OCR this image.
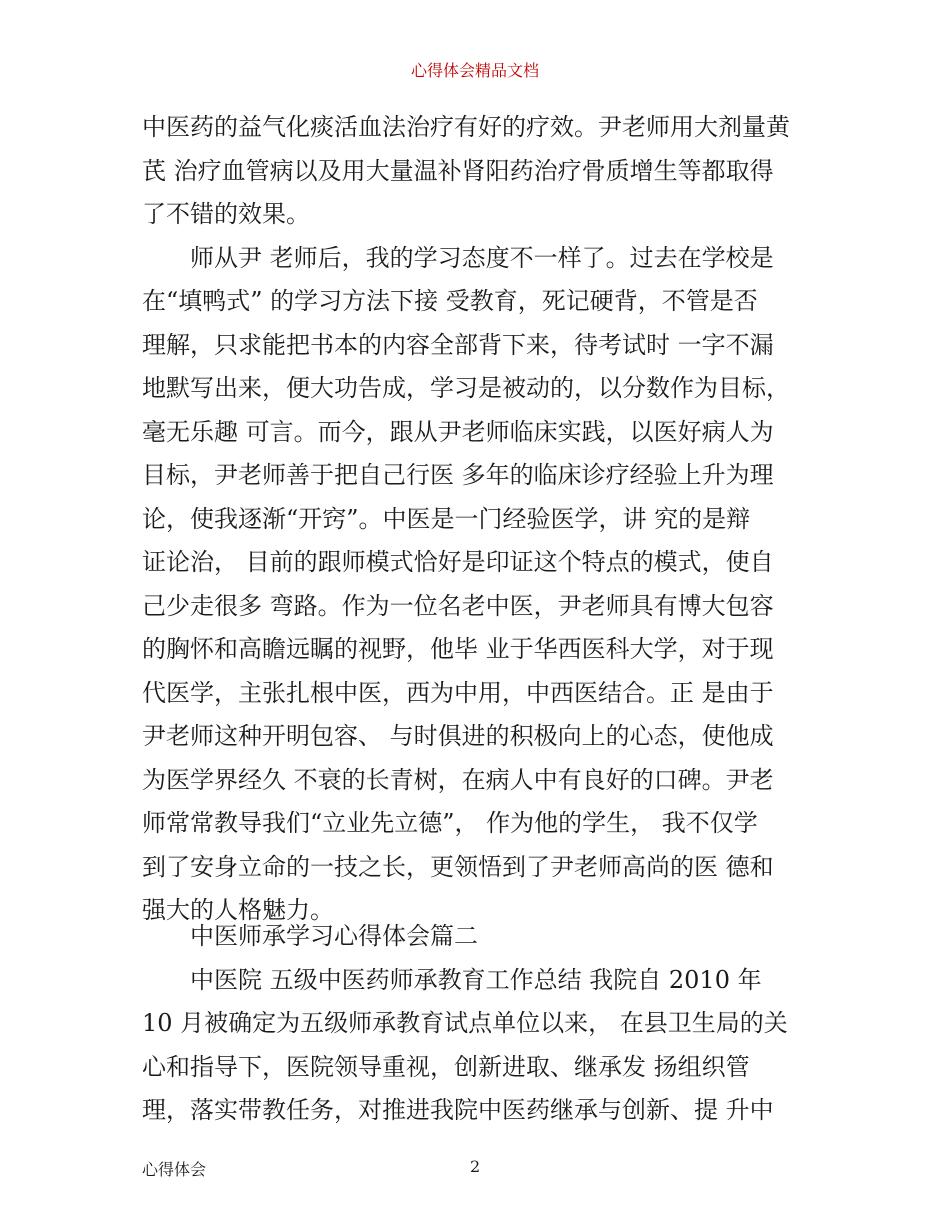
心得体会精品文档
中医药的益气化痰活血法治疗有好的疗效。尹老师用大剂量黄
芪 治疗血管病以及用大量温补肾阳药治疗骨质增生等都取得
了不错的效果。
师从尹 老师后，我的学习态度不一样了。过去在学校是
在“填鸭式” 的学习方法下接 受教育，死记硬背，不管是否
理解，只求能把书本的内容全部背下来，待考试时 一字不漏
地默写出来，便大功告成，学习是被动的，以分数作为目标，
毫无乐趣 可言。而今，跟从尹老师临床实践，以医好病人为
目标，尹老师善于把自己行医 多年的临床诊疗经验上升为理
论，使我逐渐“开窍”。中医是一门经验医学，讲 究的是辩
证论治， 目前的跟师模式恰好是印证这个特点的模式，使自
己少走很多 弯路。作为一位名老中医，尹老师具有博大包容
的胸怀和高瞻远瞩的视野，他毕 业于华西医科大学，对于现
代医学，主张扎根中医，西为中用，中西医结合。正 是由于
尹老师这种开明包容、 与时俱进的积极向上的心态，使他成
为医学界经久 不衰的长青树，在病人中有良好的口碑。尹老
师常常教导我们“立业先立德”， 作为他的学生， 我不仅学
到了安身立命的一技之长，更领悟到了尹老师高尚的医 德和
强大的人格魅力。
中医师承学习心得体会篇二
中医院 五级中医药师承教育工作总结 我院自 2010 年
10 月被确定为五级师承教育试点单位以来， 在县卫生局的关
心和指导下，医院领导重视，创新进取、继承发 扬组织管
理，落实带教任务，对推进我院中医药继承与创新、提 升中
心得体会	2
